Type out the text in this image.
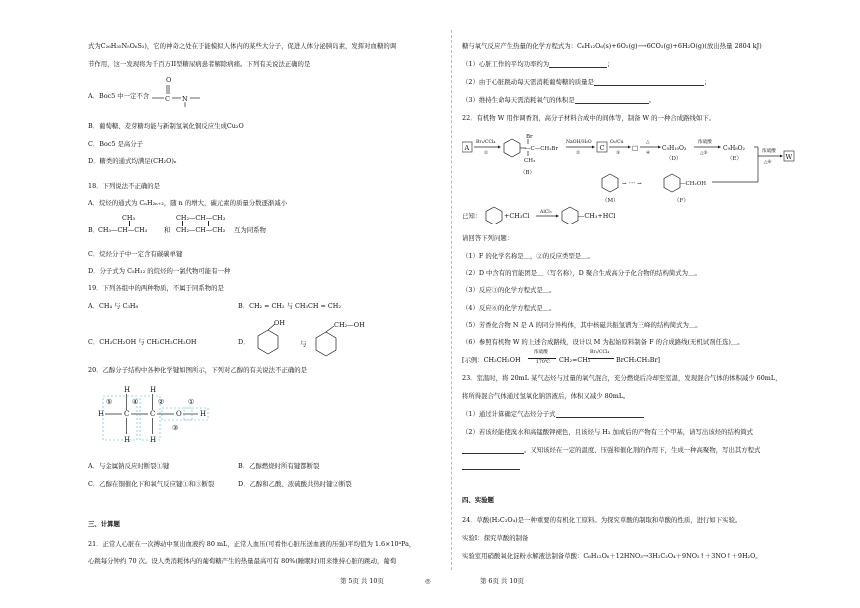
式为C₂₆H₃₅N₅O₆S₂)，它的神奇之处在于能模拟人体内的某些大分子，促进人体分泌胰岛素，发挥对血糖的调
节作用，这一发现将为千百万II型糖尿病患者解除病痛。下列有关说法正确的是
A．Boc5 中一定不含
O
C N
B．葡萄糖、麦芽糖均能与新制氢氧化铜反应生成Cu₂O
C．Boc5 是高分子
D．糖类的通式均满足(CH₂O)ₙ
18．下列说法不正确的是
A．烷烃的通式为 CₙH₂ₙ₊₂，随 n 的增大，碳元素的质量分数逐渐减小
B．
CH₃
CH₃—CH—CH₃	和
CH₂—CH—CH₃
CH₂—CH—CH₂ 互为同系物
C．烷烃分子中一定含有碳碳单键
D．分子式为 C₅H₁₂ 的烷烃的一氯代物可能有一种
19．下列各组中的两种物质，不属于同系物的是
A．CH₄ 与 C₃H₈	B．CH₂ = CH₂ 与 CH₃CH = CH₂
C．CH₃CH₂OH 与 CH₃CH₂CH₂OH	D．
OH
与
CH₂—OH
20．乙醇分子结构中各种化学键如图所示，下列对乙醇的有关说法不正确的是
H	H
H	C	C	O	H
H	H
⑤	④	②	①
③
A．与金属钠反应时断裂①键	B．乙醇燃烧时所有键都断裂
C．乙醇在铜催化下和氧气反应键①和③断裂	D．乙醇和乙酸、浓硫酸共热时键②断裂
三、计算题
21．正常人心脏在一次搏动中泵出血液约 80 mL，正常人血压(可看作心脏压送血液的压强)平均值为 1.6×10⁴Pa，
心跳每分钟约 70 次。设人类消耗体内的葡萄糖产生的热量最高可有 80%(睡眠时)用来维持心脏的跳动，葡萄
糖与氧气反应产生热量的化学方程式为：C₆H₁₂O₆(s)+6O₂(g)⟶6CO₂(g)+6H₂O(g)(放出热量 2804 kJ)
（1）心脏工作的平均功率约为	；
（2）由于心脏跳动每天需消耗葡萄糖的质量是	；
（3）维持生命每天需消耗氧气的体积是	。
22．有机物 W 用作调香剂，高分子材料合成中的间体等，制备 W 的一种合成路线如下。
A
Br₂/CCl₄
①
Br
—C—CH₂Br
CH₃
（B）
NaOH/H₂O
②
C
O₂/Cu
③
□
△
④
C₉H₁₀O₃
（D）
浓硫酸
△⑤
C₉H₈O₂
（E）
浓硫酸
△⑥
W
（M）
→ ···· →	—CH₂OH
（F）
已知：	+CH₃Cl AlCl₃	—CH₃+HCl
请回答下列问题：
（1）F 的化学名称是＿，②的反应类型是＿。
（2）D 中含有的官能团是＿（写名称），D 聚合生成高分子化合物的结构简式为＿。
（3）反应③的化学方程式是＿。
（4）反应⑥的化学方程式是＿。
（5）芳香化合物 N 是 A 的同分异构体，其中核磁共振氢谱为三峰的结构简式为＿。
（6）参照有机物 W 的上述合成路线，设计以 M 为起始原料制备 F 的合成路线(无机试剂任选)＿。
[示例：CH₃CH₂OH
浓硫酸
170℃ CH₂=CH₂
Br₂/CCl₄
BrCH₂CH₂Br]
23．室温时，将 20mL 某气态烃与过量的氧气混合，充分燃烧后冷却至室温，发现混合气体的体积减少 60mL，
将所得混合气体通过氢氧化钠溶液后，体积又减少 80mL。
（1）通过计算确定气态烃分子式
（2）若该烃能使溴水和高锰酸钾褪色，且该烃与 H₂ 加成后的产物有三个甲基，请写出该烃的结构简式
。又知该烃在一定的温度、压强和催化剂的作用下，生成一种高聚物，写出其方程式
四、实验题
24．草酸(H₂C₂O₄)是一种重要的有机化工原料。为探究草酸的制取和草酸的性质，进行如下实验。
实验Ⅰ：探究草酸的制备
实验室用硝酸氧化淀粉水解液法制备草酸：C₆H₁₂O₆＋12HNO₃→3H₂C₂O₄＋9NO₂↑＋3NO↑＋9H₂O。
第 5页 共 10页	◎	第 6页 共 10页
